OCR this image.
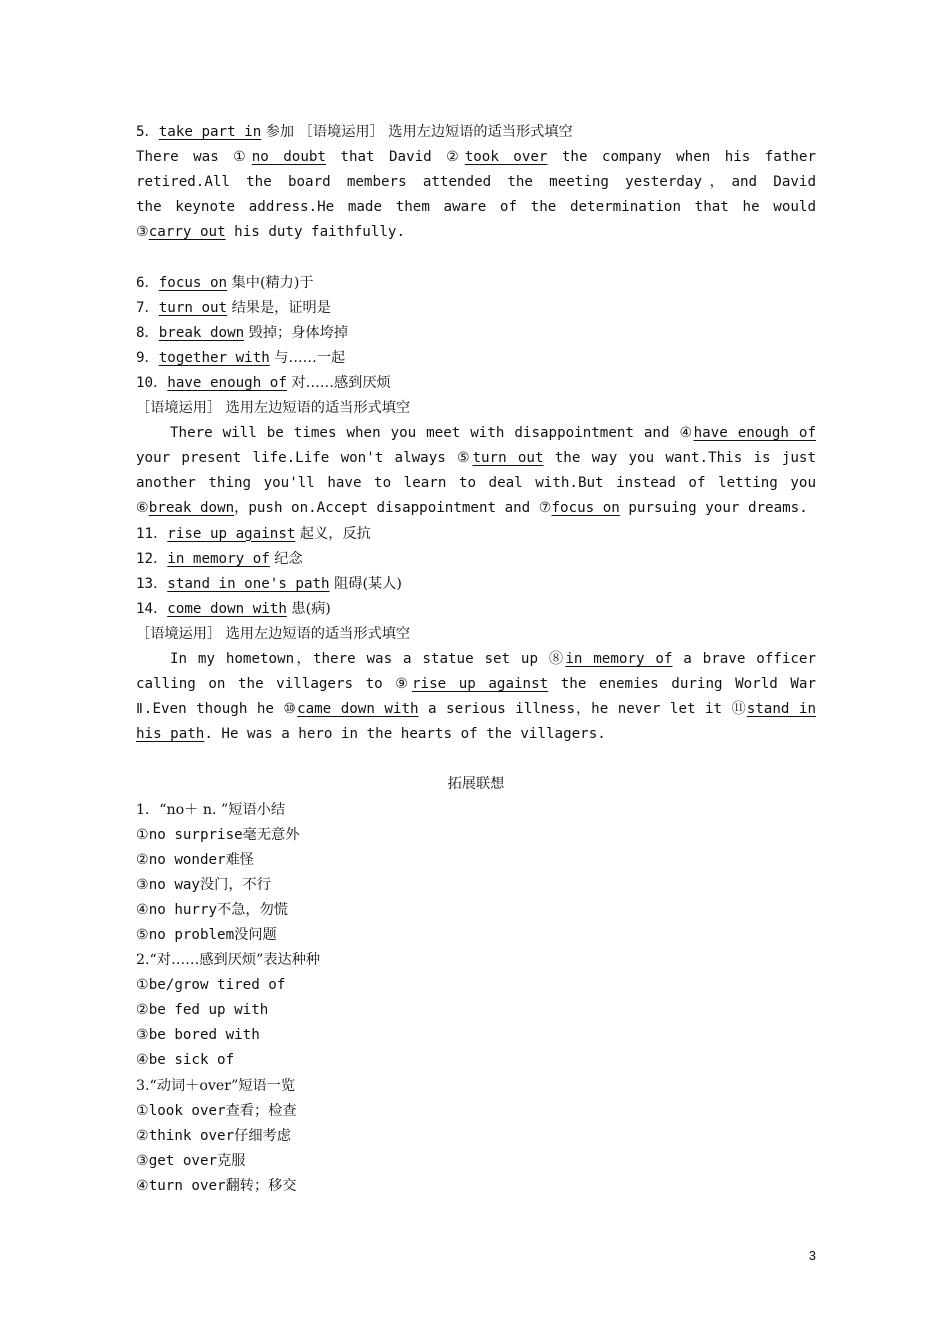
5．take part in 参加 ［语境运用］ 选用左边短语的适当形式填空
There was ①no doubt that David ②took over the company when his father
retired.All the board members attended the meeting yesterday，and David
the keynote address.He made them aware of the determination that he would
③carry out his duty faithfully.
6．focus on 集中(精力)于
7．turn out 结果是，证明是
8．break down 毁掉；身体垮掉
9．together with 与……一起
10．have enough of 对……感到厌烦
［语境运用］ 选用左边短语的适当形式填空
There will be times when you meet with disappointment and ④have enough of
your present life.Life won't always ⑤turn out the way you want.This is just
another thing you'll have to learn to deal with.But instead of letting you
⑥break down，push on.Accept disappointment and ⑦focus on pursuing your dreams.
11．rise up against 起义，反抗
12．in memory of 纪念
13．stand in one's path 阻碍(某人)
14．come down with 患(病)
［语境运用］ 选用左边短语的适当形式填空
In my hometown，there was a statue set up ⑧in memory of a brave officer
calling on the villagers to ⑨rise up against the enemies during World War
Ⅱ.Even though he ⑩came down with a serious illness，he never let it ⑪stand in
his path. He was a hero in the hearts of the villagers.
拓展联想
1．“no＋ n. ”短语小结
①no surprise毫无意外
②no wonder难怪
③no way没门，不行
④no hurry不急，勿慌
⑤no problem没问题
2.“对……感到厌烦”表达种种
①be/grow tired of
②be fed up with
③be bored with
④be sick of
3.“动词＋over”短语一览
①look over查看；检查
②think over仔细考虑
③get over克服
④turn over翻转；移交
3
